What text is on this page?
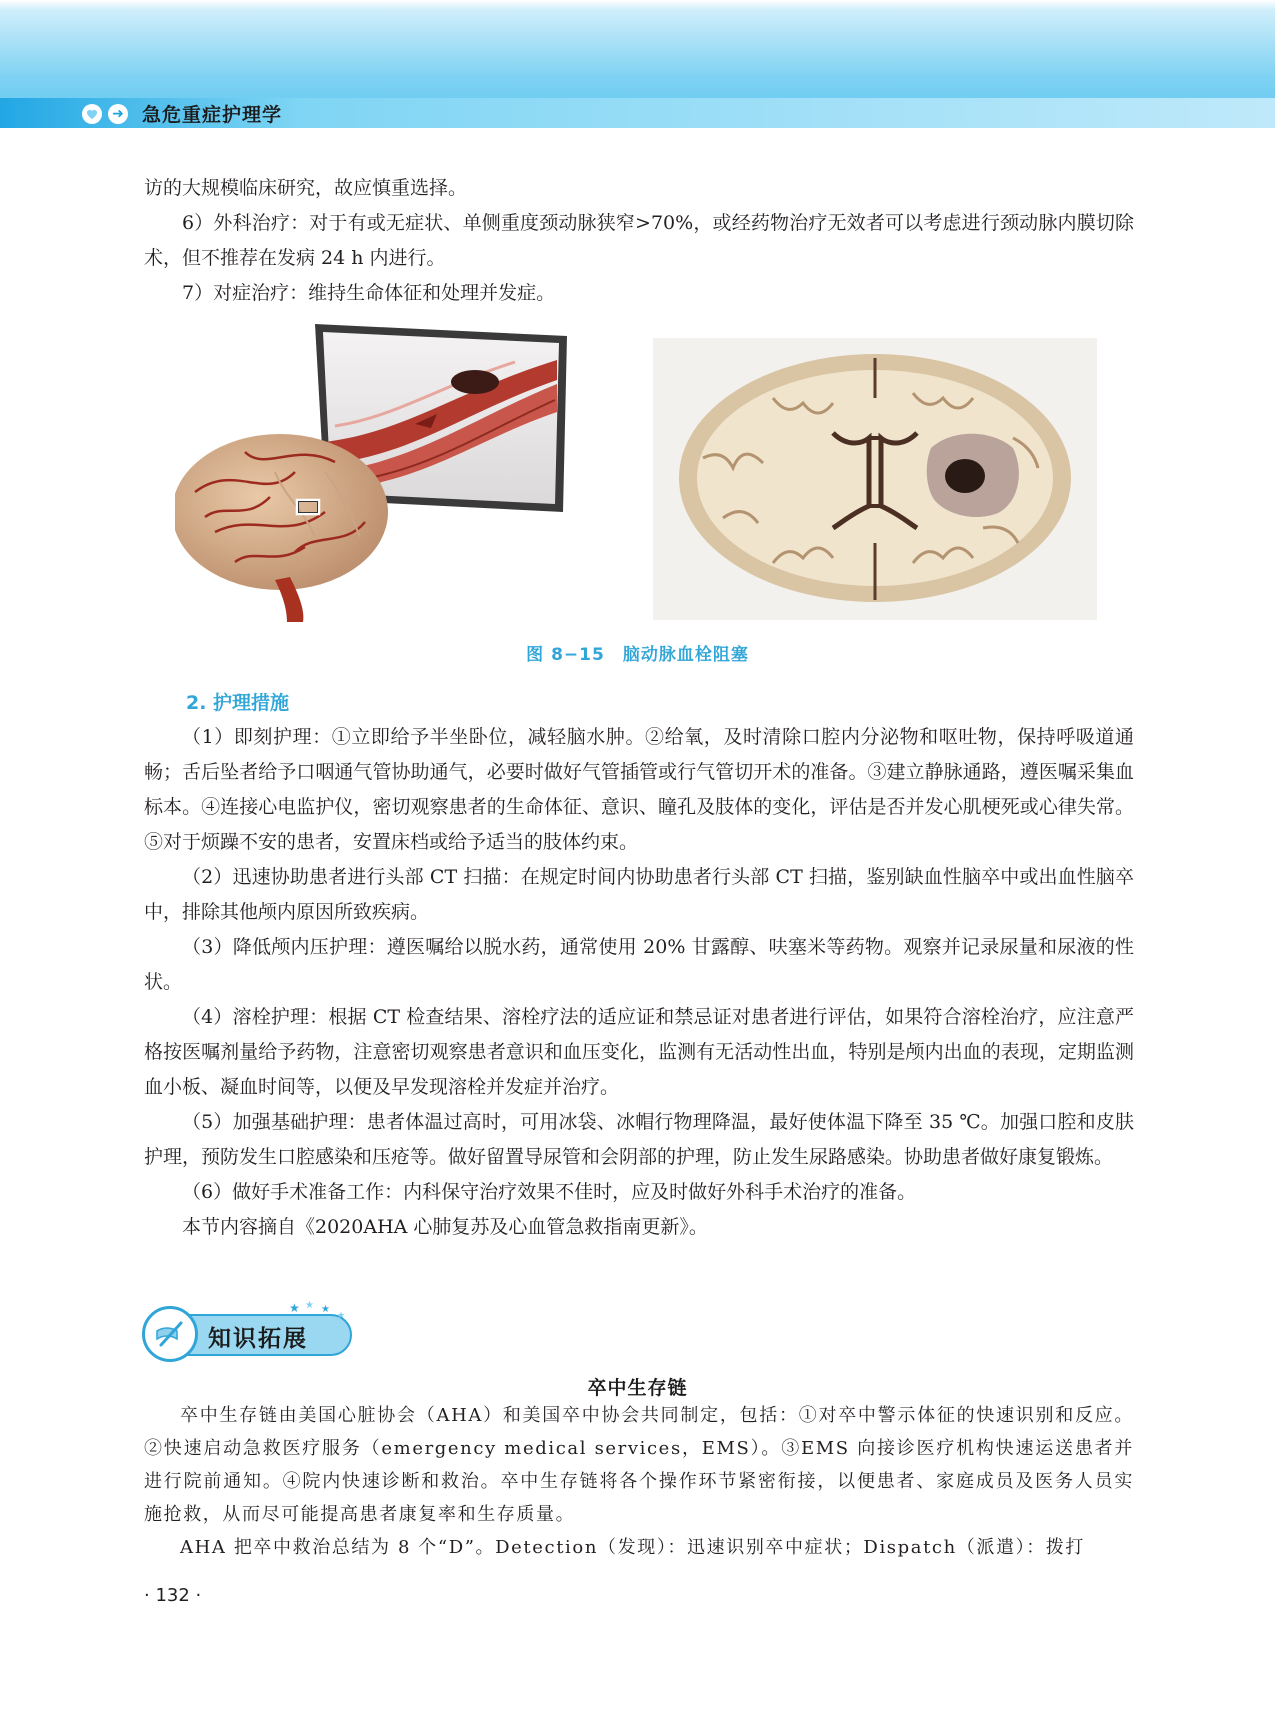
➜ 急危重症护理学

访的大规模临床研究，故应慎重选择。

6）外科治疗：对于有或无症状、单侧重度颈动脉狭窄>70%，或经药物治疗无效者可以考虑进行颈动脉内膜切除术，但不推荐在发病 24 h 内进行。

7）对症治疗：维持生命体征和处理并发症。

图 8−15　脑动脉血栓阻塞
2. 护理措施

（1）即刻护理：①立即给予半坐卧位，减轻脑水肿。②给氧，及时清除口腔内分泌物和呕吐物，保持呼吸道通畅；舌后坠者给予口咽通气管协助通气，必要时做好气管插管或行气管切开术的准备。③建立静脉通路，遵医嘱采集血标本。④连接心电监护仪，密切观察患者的生命体征、意识、瞳孔及肢体的变化，评估是否并发心肌梗死或心律失常。⑤对于烦躁不安的患者，安置床档或给予适当的肢体约束。

（2）迅速协助患者进行头部 CT 扫描：在规定时间内协助患者行头部 CT 扫描，鉴别缺血性脑卒中或出血性脑卒中，排除其他颅内原因所致疾病。

（3）降低颅内压护理：遵医嘱给以脱水药，通常使用 20% 甘露醇、呋塞米等药物。观察并记录尿量和尿液的性状。

（4）溶栓护理：根据 CT 检查结果、溶栓疗法的适应证和禁忌证对患者进行评估，如果符合溶栓治疗，应注意严格按医嘱剂量给予药物，注意密切观察患者意识和血压变化，监测有无活动性出血，特别是颅内出血的表现，定期监测血小板、凝血时间等，以便及早发现溶栓并发症并治疗。

（5）加强基础护理：患者体温过高时，可用冰袋、冰帽行物理降温，最好使体温下降至 35 ℃。加强口腔和皮肤护理，预防发生口腔感染和压疮等。做好留置导尿管和会阴部的护理，防止发生尿路感染。协助患者做好康复锻炼。

（6）做好手术准备工作：内科保守治疗效果不佳时，应及时做好外科手术治疗的准备。

本节内容摘自《2020AHA 心肺复苏及心血管急救指南更新》。

知识拓展
★ ★ ★
★
卒中生存链

卒中生存链由美国心脏协会（AHA）和美国卒中协会共同制定，包括：①对卒中警示体征的快速识别和反应。②快速启动急救医疗服务（emergency medical services，EMS）。③EMS 向接诊医疗机构快速运送患者并进行院前通知。④院内快速诊断和救治。卒中生存链将各个操作环节紧密衔接，以便患者、家庭成员及医务人员实施抢救，从而尽可能提高患者康复率和生存质量。

AHA 把卒中救治总结为 8 个“D”。Detection（发现）：迅速识别卒中症状；Dispatch（派遣）：拨打

· 132 ·
